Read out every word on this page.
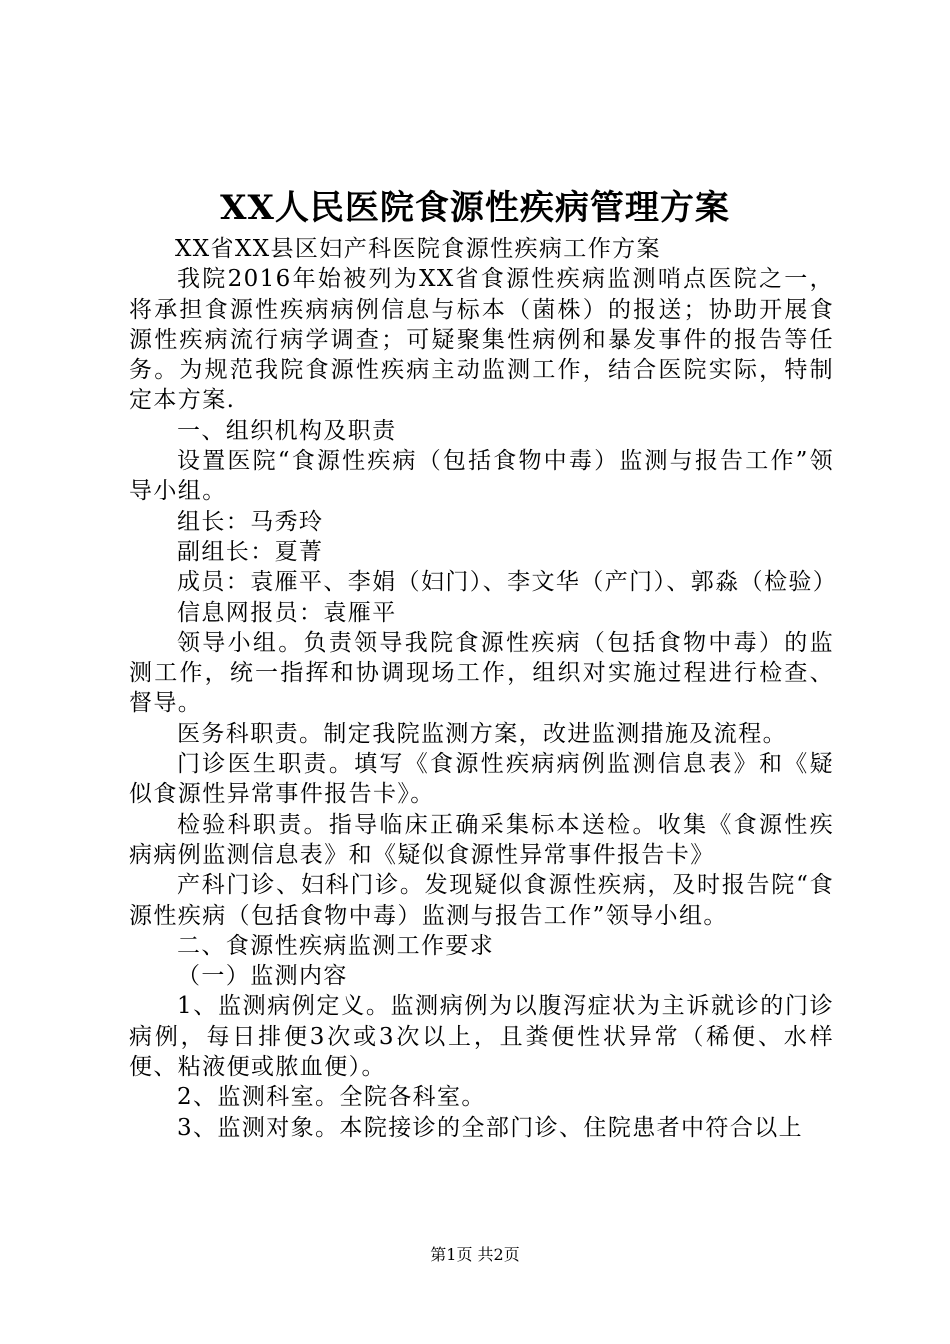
XX人民医院食源性疾病管理方案

XX省XX县区妇产科医院食源性疾病工作方案

我院2016年始被列为XX省食源性疾病监测哨点医院之一，将承担食源性疾病病例信息与标本（菌株）的报送；协助开展食源性疾病流行病学调查；可疑聚集性病例和暴发事件的报告等任务。为规范我院食源性疾病主动监测工作，结合医院实际，特制定本方案.

一、组织机构及职责

设置医院“食源性疾病（包括食物中毒）监测与报告工作”领导小组。

组长：马秀玲

副组长：夏菁

成员：袁雁平、李娟（妇门）、李文华（产门）、郭淼（检验）

信息网报员：袁雁平

领导小组。负责领导我院食源性疾病（包括食物中毒）的监测工作，统一指挥和协调现场工作，组织对实施过程进行检查、督导。

医务科职责。制定我院监测方案，改进监测措施及流程。

门诊医生职责。填写《食源性疾病病例监测信息表》和《疑似食源性异常事件报告卡》。

检验科职责。指导临床正确采集标本送检。收集《食源性疾病病例监测信息表》和《疑似食源性异常事件报告卡》

产科门诊、妇科门诊。发现疑似食源性疾病，及时报告院“食源性疾病（包括食物中毒）监测与报告工作”领导小组。

二、食源性疾病监测工作要求

（一）监测内容

1、监测病例定义。监测病例为以腹泻症状为主诉就诊的门诊病例，每日排便3次或3次以上，且粪便性状异常（稀便、水样便、粘液便或脓血便）。

2、监测科室。全院各科室。

3、监测对象。本院接诊的全部门诊、住院患者中符合以上

第1页 共2页
